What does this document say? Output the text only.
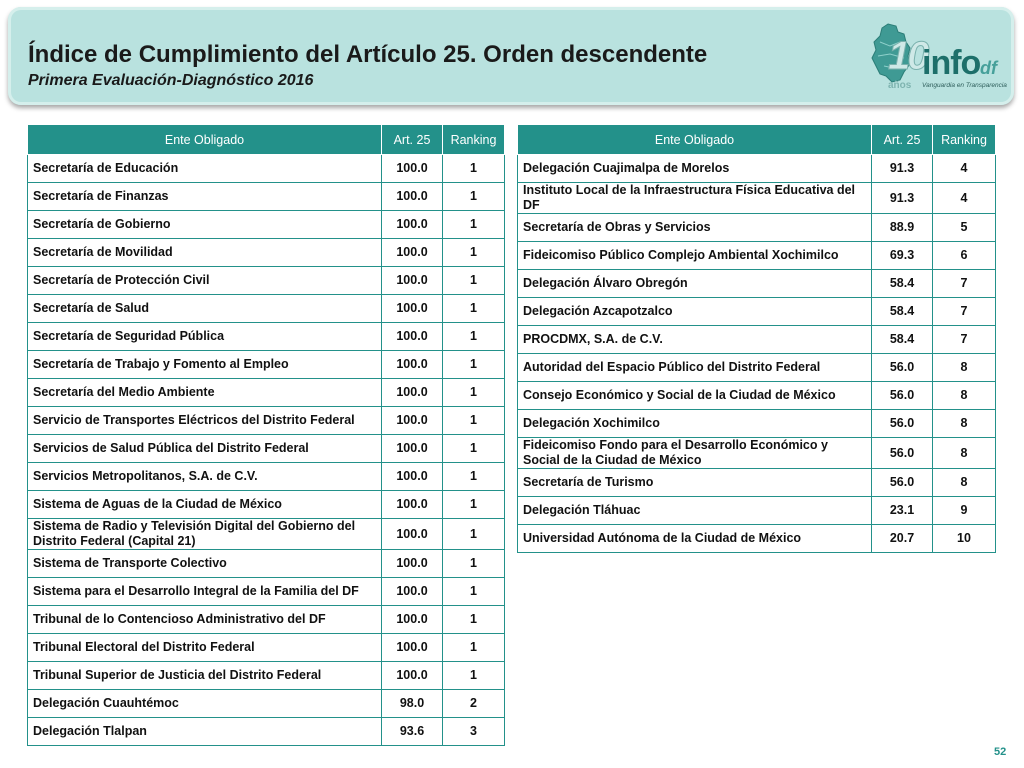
Índice de Cumplimiento del Artículo 25. Orden descendente
Primera Evaluación-Diagnóstico 2016
10
años
info df
Vanguardia en Transparencia
Ente Obligado	Art. 25	Ranking
Secretaría de Educación	100.0	1
Secretaría de Finanzas	100.0	1
Secretaría de Gobierno	100.0	1
Secretaría de Movilidad	100.0	1
Secretaría de Protección Civil	100.0	1
Secretaría de Salud	100.0	1
Secretaría de Seguridad Pública	100.0	1
Secretaría de Trabajo y Fomento al Empleo	100.0	1
Secretaría del Medio Ambiente	100.0	1
Servicio de Transportes Eléctricos del Distrito Federal	100.0	1
Servicios de Salud Pública del Distrito Federal	100.0	1
Servicios Metropolitanos, S.A. de C.V.	100.0	1
Sistema de Aguas de la Ciudad de México	100.0	1
Sistema de Radio y Televisión Digital del Gobierno del Distrito Federal (Capital 21)	100.0	1
Sistema de Transporte Colectivo	100.0	1
Sistema para el Desarrollo Integral de la Familia del DF	100.0	1
Tribunal de lo Contencioso Administrativo del DF	100.0	1
Tribunal Electoral del Distrito Federal	100.0	1
Tribunal Superior de Justicia del Distrito Federal	100.0	1
Delegación Cuauhtémoc	98.0	2
Delegación Tlalpan	93.6	3
Ente Obligado	Art. 25	Ranking
Delegación Cuajimalpa de Morelos	91.3	4
Instituto Local de la Infraestructura Física Educativa del DF	91.3	4
Secretaría de Obras y Servicios	88.9	5
Fideicomiso Público Complejo Ambiental Xochimilco	69.3	6
Delegación Álvaro Obregón	58.4	7
Delegación Azcapotzalco	58.4	7
PROCDMX, S.A. de C.V.	58.4	7
Autoridad del Espacio Público del Distrito Federal	56.0	8
Consejo Económico y Social de la Ciudad de México	56.0	8
Delegación Xochimilco	56.0	8
Fideicomiso Fondo para el Desarrollo Económico y Social de la Ciudad de México	56.0	8
Secretaría de Turismo	56.0	8
Delegación Tláhuac	23.1	9
Universidad Autónoma de la Ciudad de México	20.7	10
52
